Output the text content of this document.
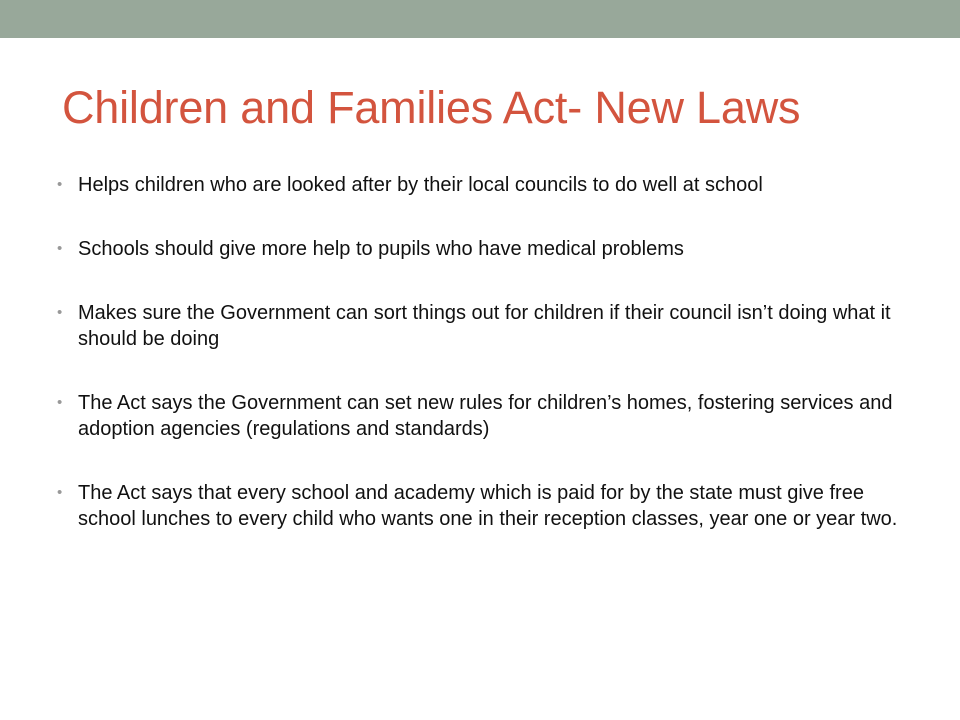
Children and Families Act- New Laws
• Helps children who are looked after by their local councils to do well at school
• Schools should give more help to pupils who have medical problems
• Makes sure the Government can sort things out for children if their council isn’t doing what it should be doing
• The Act says the Government can set new rules for children’s homes, fostering services and adoption agencies (regulations and standards)
• The Act says that every school and academy which is paid for by the state must give free school lunches to every child who wants one in their reception classes, year one or year two.
